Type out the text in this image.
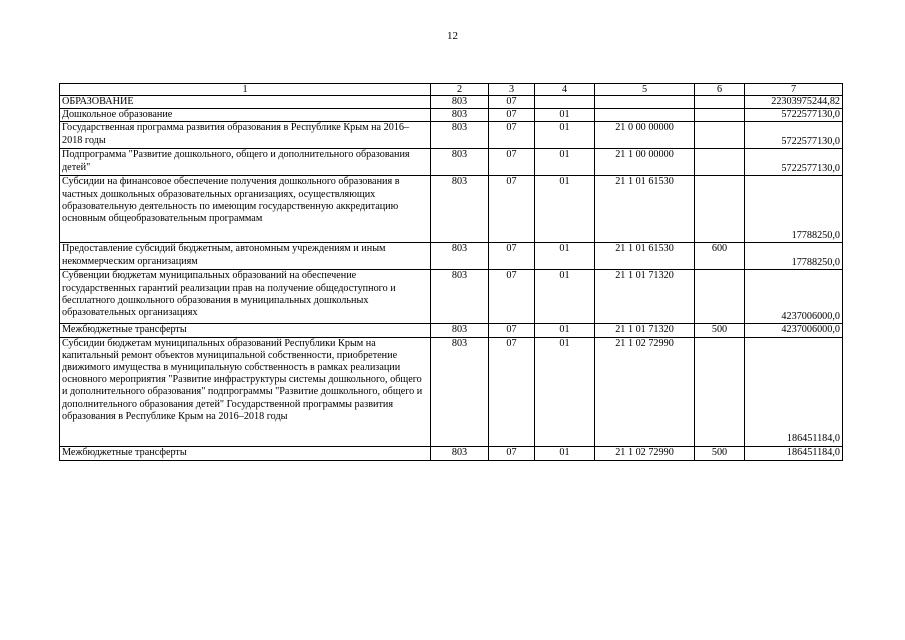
12
1	2	3	4	5	6	7
ОБРАЗОВАНИЕ	803	07				22303975244,82
Дошкольное образование	803	07	01			5722577130,0
Государственная программа развития образования в Республике Крым на 2016–2018 годы	803	07	01	21 0 00 00000		5722577130,0
Подпрограмма "Развитие дошкольного, общего и дополнительного образования детей"	803	07	01	21 1 00 00000		5722577130,0
Субсидии на финансовое обеспечение получения дошкольного образования в частных дошкольных образовательных организациях, осуществляющих образовательную деятельность по имеющим государственную аккредитацию основным общеобразовательным программам	803	07	01	21 1 01 61530		17788250,0
Предоставление субсидий бюджетным, автономным учреждениям и иным некоммерческим организациям	803	07	01	21 1 01 61530	600	17788250,0
Субвенции бюджетам муниципальных образований на обеспечение государственных гарантий реализации прав на получение общедоступного и бесплатного дошкольного образования в муниципальных дошкольных образовательных организациях	803	07	01	21 1 01 71320		4237006000,0
Межбюджетные трансферты	803	07	01	21 1 01 71320	500	4237006000,0
Субсидии бюджетам муниципальных образований Республики Крым на капитальный ремонт объектов муниципальной собственности, приобретение движимого имущества в муниципальную собственность в рамках реализации основного мероприятия "Развитие инфраструктуры системы дошкольного, общего и дополнительного образования" подпрограммы "Развитие дошкольного, общего и дополнительного образования детей" Государственной программы развития образования в Республике Крым на 2016–2018 годы	803	07	01	21 1 02 72990		186451184,0
Межбюджетные трансферты	803	07	01	21 1 02 72990	500	186451184,0
